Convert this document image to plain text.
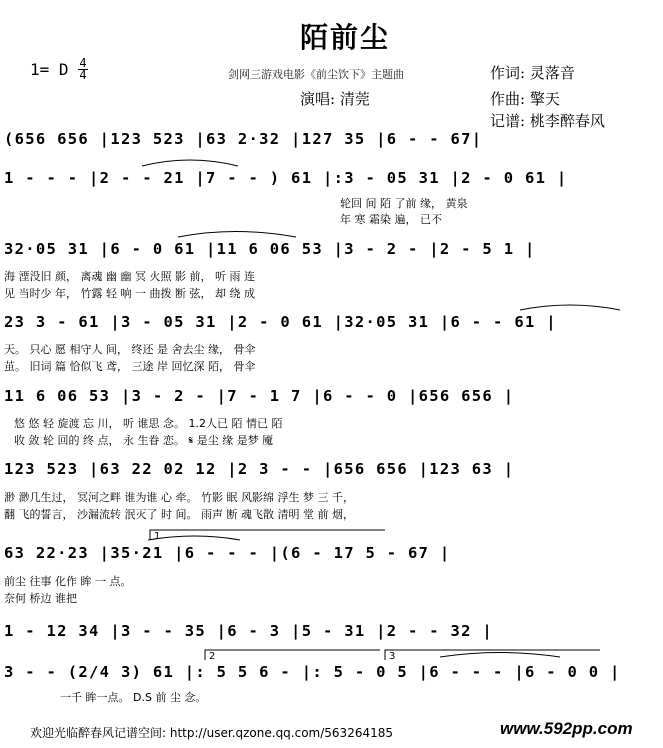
陌前尘
1= D 4
4	剑网三游戏电影《前尘饮下》主题曲	作词: 灵落音
演唱: 清莞	作曲: 擎天
记谱: 桃李醉春风
(656 656 |123 523 |63 2·32 |127 35 |6 - - 67|
1 - - - |2 - - 21 |7 - - ) 61 |:3 - 05 31 |2 - 0 61 |
轮回 间 陌 了前 缘， 黄泉
年 寒 霜染 遍， 已不
32·05 31 |6 - 0 61 |11 6 06 53 |3 - 2 - |2 - 5 1 |
海 湮没旧 颜， 离魂 幽 幽 冥 火照 影 前， 听 雨 连
见 当时少 年， 竹露 轻 响 一 曲拨 断 弦， 却 绕 成
23 3 - 61 |3 - 05 31 |2 - 0 61 |32·05 31 |6 - - 61 |
天。 只心 愿 相守人 间， 终还 是 舍去尘 缘， 骨伞
茧。 旧词 篇 恰似飞 鸢， 三途 岸 回忆深 陌， 骨伞
11 6 06 53 |3 - 2 - |7 - 1 7 |6 - - 0 |656 656 |
悠 悠 轻 旋渡 忘 川， 听 谁思 念。 1.2人已 陌 情已 陌
收 敛 轮 回的 终 点， 永 生眷 恋。 𝄋 是尘 缘 是梦 魇
123 523 |63 22 02 12 |2 3 - - |656 656 |123 63 |
渺 渺几生过， 冥河之畔 谁为谁 心 牵。 竹影 眠 风影绵 浮生 梦 三 千，
翻 飞的誓言， 沙漏流转 泯灭了 时 间。 雨声 断 魂飞散 清明 堂 前 烟，
63 22·23 |35·21 |6 - - - |(6 - 17 5 - 67 |
前尘 往事 化作 眸 一 点。
奈何 桥边 谁把
1 - 12 34 |3 - - 35 |6 - 3 |5 - 31 |2 - - 32 |
3 - - (2/4 3) 61 |: 5 5 6 - |: 5 - 0 5 |6 - - - |6 - 0 0 |
一千 眸一点。 D.S 前 尘 念。
1
2	3
欢迎光临醉春风记谱空间: http://user.qzone.qq.com/563264185	www.592pp.com
